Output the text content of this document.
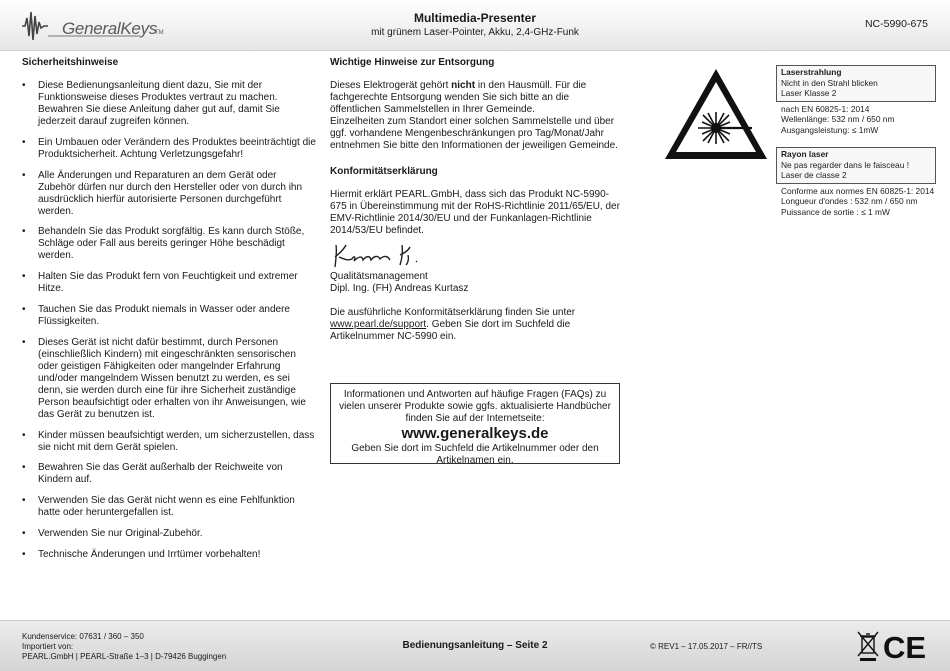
GeneralKeys
TM
Multimedia-Presenter
mit grünem Laser-Pointer, Akku, 2,4-GHz-Funk
NC-5990-675
Sicherheitshinweise
• Diese Bedienungsanleitung dient dazu, Sie mit der Funktionsweise dieses Produktes vertraut zu machen. Bewahren Sie diese Anleitung daher gut auf, damit Sie jederzeit darauf zugreifen können.
• Ein Umbauen oder Verändern des Produktes beeinträchtigt die Produktsicherheit. Achtung Verletzungsgefahr!
• Alle Änderungen und Reparaturen an dem Gerät oder Zubehör dürfen nur durch den Hersteller oder von durch ihn ausdrücklich hierfür autorisierte Personen durchgeführt werden.
• Behandeln Sie das Produkt sorgfältig. Es kann durch Stöße, Schläge oder Fall aus bereits geringer Höhe beschädigt werden.
• Halten Sie das Produkt fern von Feuchtigkeit und extremer Hitze.
• Tauchen Sie das Produkt niemals in Wasser oder andere Flüssigkeiten.
• Dieses Gerät ist nicht dafür bestimmt, durch Personen (einschließlich Kindern) mit eingeschränkten sensorischen oder geistigen Fähigkeiten oder mangelnder Erfahrung und/oder mangelndem Wissen benutzt zu werden, es sei denn, sie werden durch eine für ihre Sicherheit zuständige Person beaufsichtigt oder erhalten von ihr Anweisungen, wie das Gerät zu benutzen ist.
• Kinder müssen beaufsichtigt werden, um sicherzustellen, dass sie nicht mit dem Gerät spielen.
• Bewahren Sie das Gerät außerhalb der Reichweite von Kindern auf.
• Verwenden Sie das Gerät nicht wenn es eine Fehlfunktion hatte oder heruntergefallen ist.
• Verwenden Sie nur Original-Zubehör.
• Technische Änderungen und Irrtümer vorbehalten!
Wichtige Hinweise zur Entsorgung

Dieses Elektrogerät gehört nicht in den Hausmüll. Für die fachgerechte Entsorgung wenden Sie sich bitte an die öffentlichen Sammelstellen in Ihrer Gemeinde.

Einzelheiten zum Standort einer solchen Sammelstelle und über ggf. vorhandene Mengenbeschränkungen pro Tag/Monat/Jahr entnehmen Sie bitte den Informationen der jeweiligen Gemeinde.

Konformitätserklärung

Hiermit erklärt PEARL.GmbH, dass sich das Produkt NC-5990-675 in Übereinstimmung mit der RoHS-Richtlinie 2011/65/EU, der EMV-Richtlinie 2014/30/EU und der Funkanlagen-Richtlinie 2014/53/EU befindet.

Qualitätsmanagement

Dipl. Ing. (FH) Andreas Kurtasz

Die ausführliche Konformitätserklärung finden Sie unter www.pearl.de/support. Geben Sie dort im Suchfeld die Artikelnummer NC-5990 ein.

Informationen und Antworten auf häufige Fragen (FAQs) zu vielen unserer Produkte sowie ggfs. aktualisierte Handbücher finden Sie auf der Internetseite:
www.generalkeys.de
Geben Sie dort im Suchfeld die Artikelnummer oder den Artikelnamen ein.
Laserstrahlung
Nicht in den Strahl blicken
Laser Klasse 2
nach EN 60825-1: 2014
Wellenlänge: 532 nm / 650 nm
Ausgangsleistung: ≤ 1mW
Rayon laser
Ne pas regarder dans le faisceau !
Laser de classe 2
Conforme aux normes EN 60825-1: 2014
Longueur d'ondes : 532 nm / 650 nm
Puissance de sortie : ≤ 1 mW
Kundenservice: 07631 / 360 – 350
Importiert von:
PEARL.GmbH | PEARL-Straße 1–3 | D-79426 Buggingen
Bedienungsanleitung – Seite 2	© REV1 – 17.05.2017 – FR//TS	CE
